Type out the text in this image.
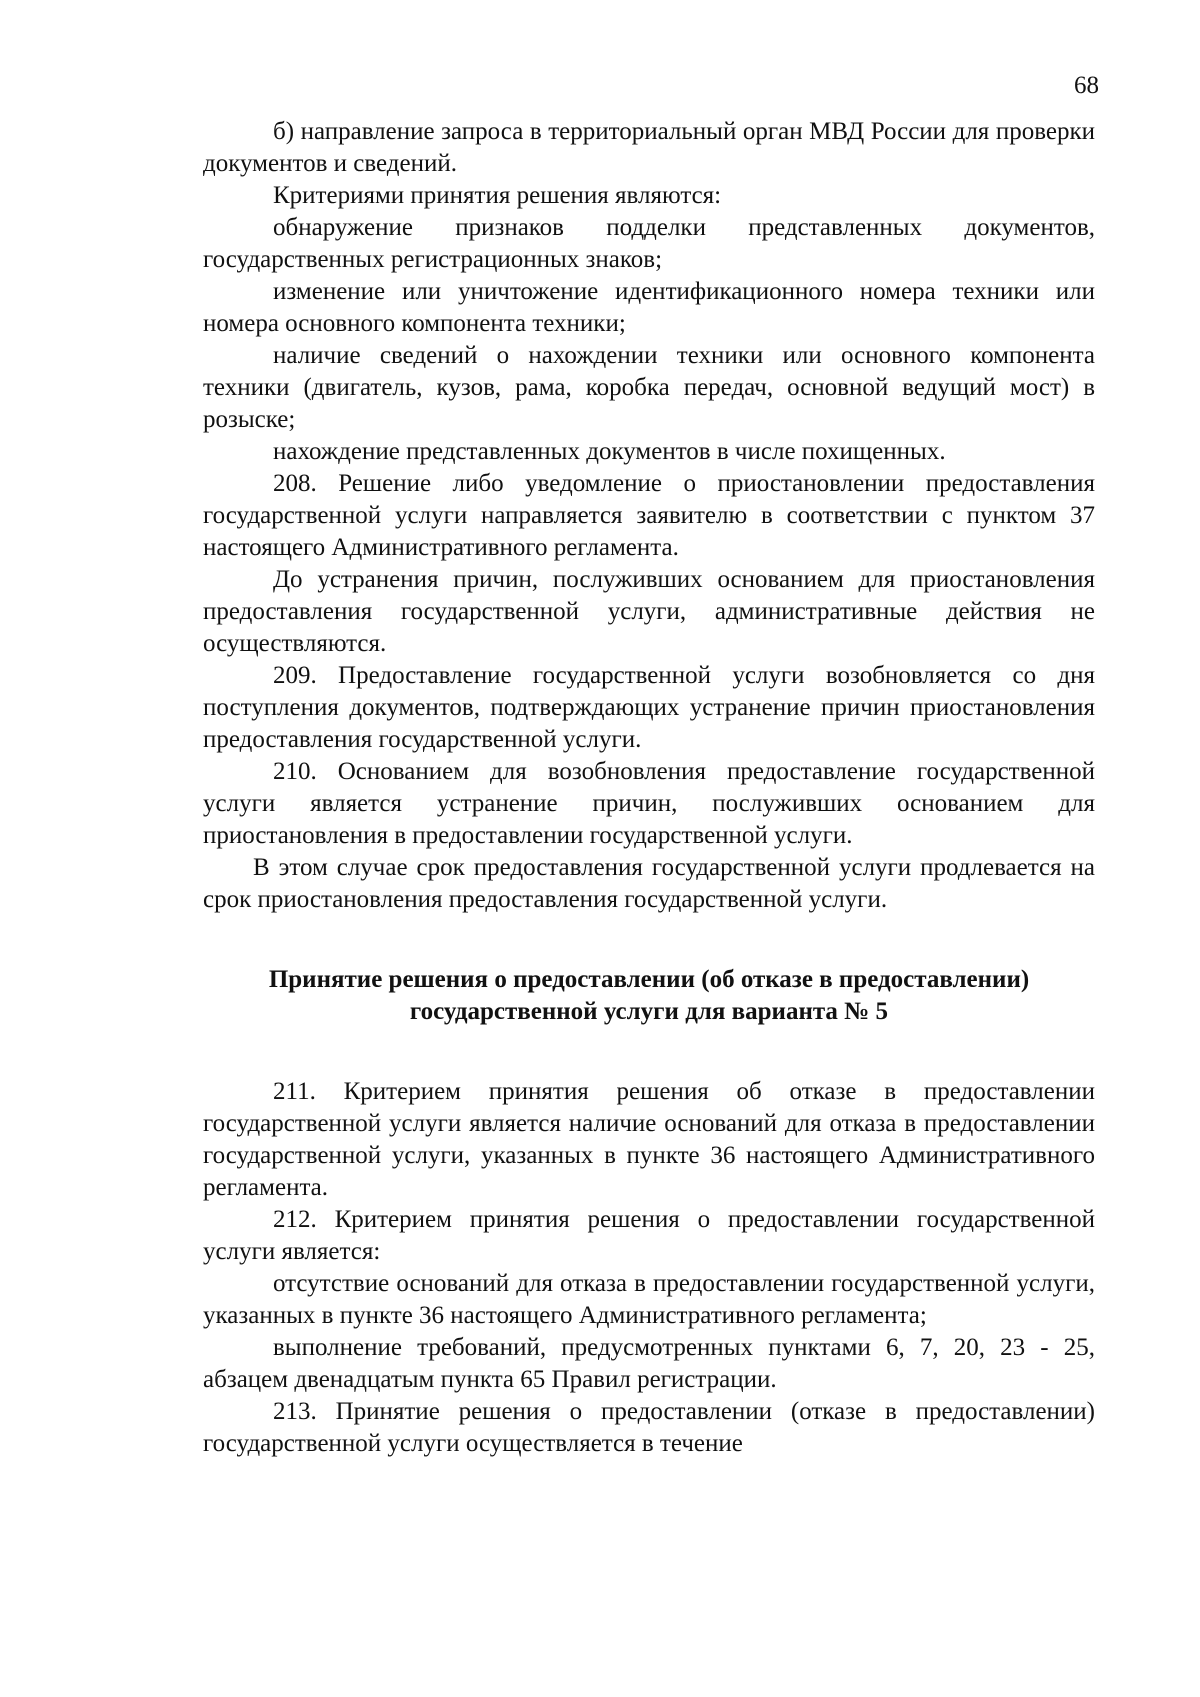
68

б) направление запроса в территориальный орган МВД России для проверки документов и сведений.

Критериями принятия решения являются:

обнаружение признаков подделки представленных документов, государственных регистрационных знаков;

изменение или уничтожение идентификационного номера техники или номера основного компонента техники;

наличие сведений о нахождении техники или основного компонента техники (двигатель, кузов, рама, коробка передач, основной ведущий мост) в розыске;

нахождение представленных документов в числе похищенных.

208. Решение либо уведомление о приостановлении предоставления государственной услуги направляется заявителю в соответствии с пунктом 37 настоящего Административного регламента.

До устранения причин, послуживших основанием для приостановления предоставления государственной услуги, административные действия не осуществляются.

209. Предоставление государственной услуги возобновляется со дня поступления документов, подтверждающих устранение причин приостановления предоставления государственной услуги.

210. Основанием для возобновления предоставление государственной услуги является устранение причин, послуживших основанием для приостановления в предоставлении государственной услуги.

В этом случае срок предоставления государственной услуги продлевается на срок приостановления предоставления государственной услуги.

Принятие решения о предоставлении (об отказе в предоставлении)
государственной услуги для варианта № 5

211. Критерием принятия решения об отказе в предоставлении государственной услуги является наличие оснований для отказа в предоставлении государственной услуги, указанных в пункте 36 настоящего Административного регламента.

212. Критерием принятия решения о предоставлении государственной услуги является:

отсутствие оснований для отказа в предоставлении государственной услуги, указанных в пункте 36 настоящего Административного регламента;

выполнение требований, предусмотренных пунктами 6, 7, 20, 23 - 25, абзацем двенадцатым пункта 65 Правил регистрации.

213. Принятие решения о предоставлении (отказе в предоставлении) государственной услуги осуществляется в течение
